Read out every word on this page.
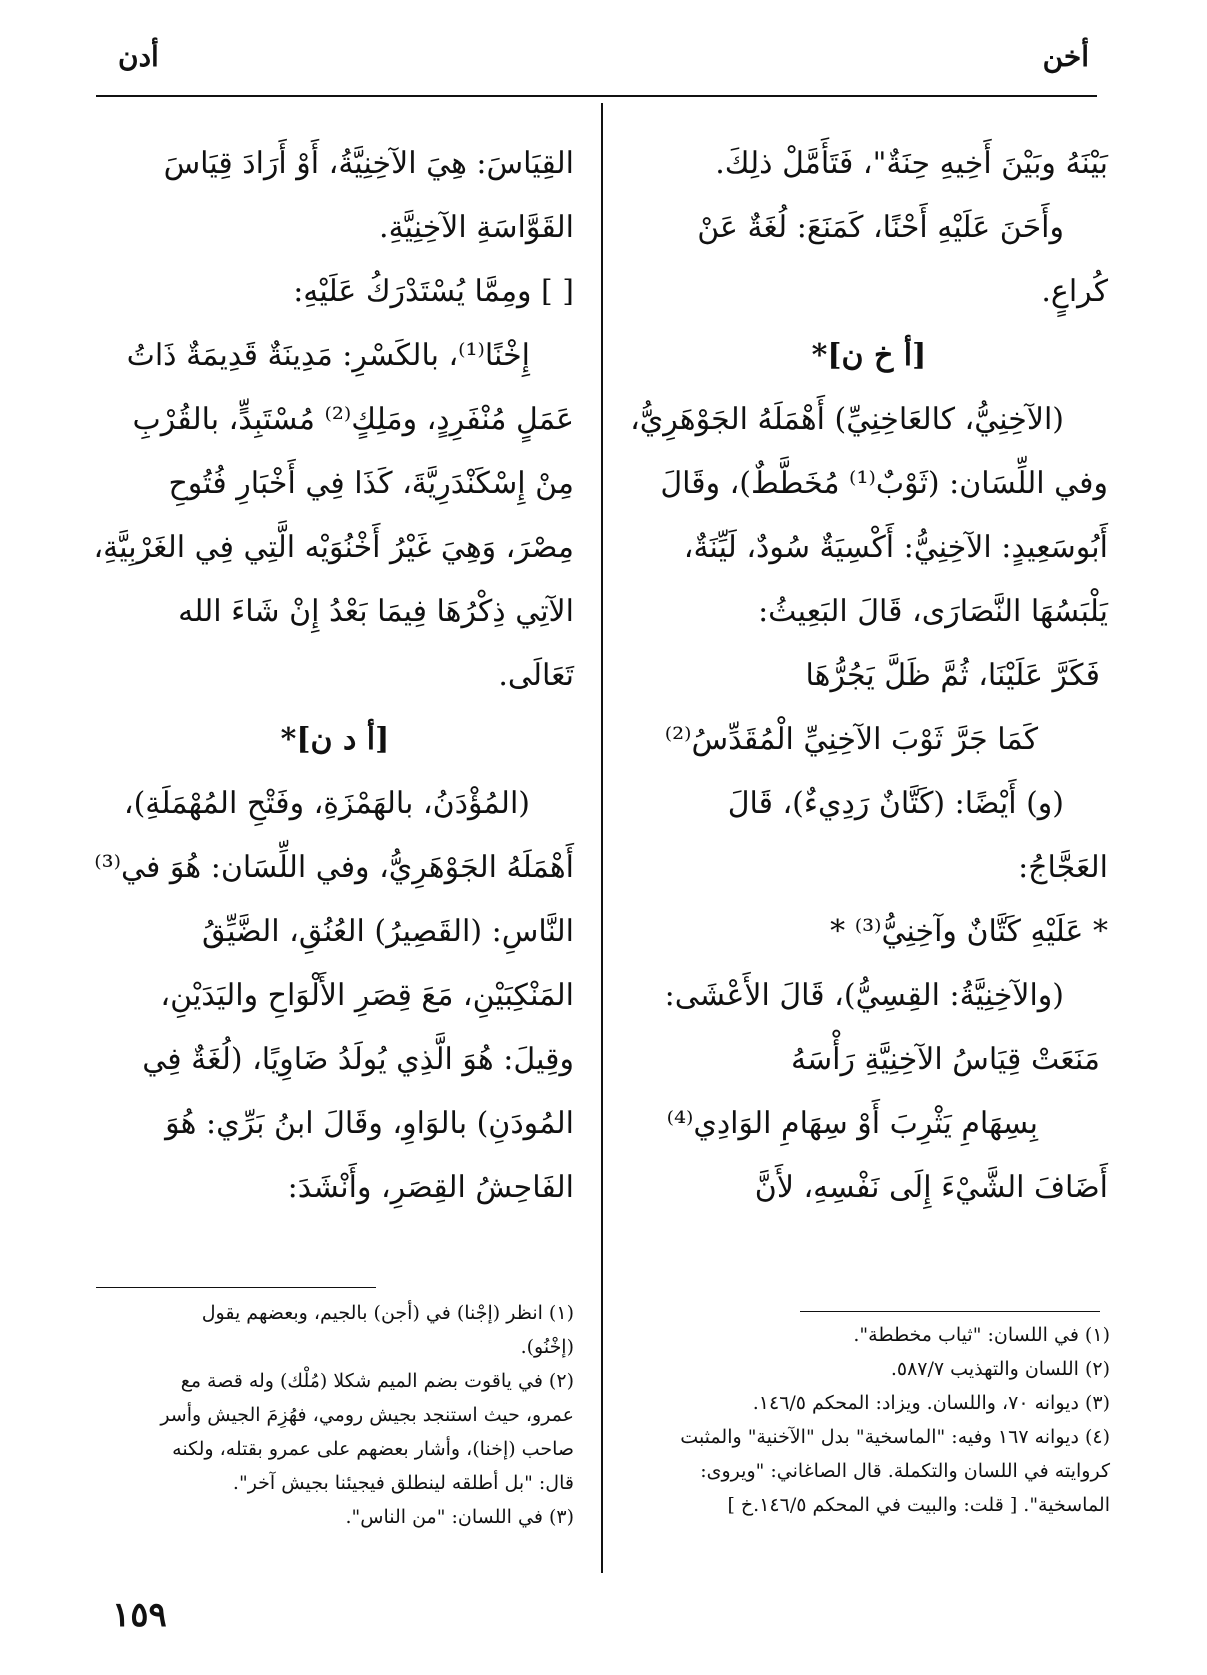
أخن
أدن
بَيْنَهُ وبَيْنَ أَخِيهِ حِنَةٌ"، فَتَأَمَّلْ ذلِكَ.
وأَحَنَ عَلَيْهِ أَحْنًا، كَمَنَعَ: لُغَةٌ عَنْ
كُراعٍ.
[أ خ ن]*
(الآخِنِيُّ، كالعَاخِنِيِّ) أَهْمَلَهُ الجَوْهَرِيُّ،
وفي اللِّسَان: (ثَوْبٌ⁽¹⁾ مُخَطَّطٌ)، وقَالَ
أَبُوسَعِيدٍ: الآخِنِيُّ: أَكْسِيَةٌ سُودٌ، لَيِّنَةٌ،
يَلْبَسُهَا النَّصَارَى، قَالَ البَعِيثُ:
فَكَرَّ عَلَيْنَا، ثُمَّ ظَلَّ يَجُرُّهَا
كَمَا جَرَّ ثَوْبَ الآخِنِيِّ الْمُقَدِّسُ⁽²⁾
(و) أَيْضًا: (كَتَّانٌ رَدِيءٌ)، قَالَ
العَجَّاجُ:
* عَلَيْهِ كَتَّانٌ وآخِنِيُّ⁽³⁾ *
(والآخِنِيَّةُ: القِسِيُّ)، قَالَ الأَعْشَى:
مَنَعَتْ قِيَاسُ الآخِنِيَّةِ رَأْسَهُ
بِسِهَامِ يَثْرِبَ أَوْ سِهَامِ الوَادِي⁽⁴⁾
أَضَافَ الشَّيْءَ إِلَى نَفْسِهِ، لأَنَّ
القِيَاسَ: هِيَ الآخِنِيَّةُ، أَوْ أَرَادَ قِيَاسَ
القَوَّاسَةِ الآخِنِيَّةِ.
[ ] ومِمَّا يُسْتَدْرَكُ عَلَيْهِ:
إِخْنًا⁽¹⁾، بالكَسْرِ: مَدِينَةٌ قَدِيمَةٌ ذَاتُ
عَمَلٍ مُنْفَرِدٍ، ومَلِكٍ⁽²⁾ مُسْتَبِدٍّ، بالقُرْبِ
مِنْ إِسْكَنْدَرِيَّةَ، كَذَا فِي أَخْبَارِ فُتُوحِ
مِصْرَ، وَهِيَ غَيْرُ أَخْنُوَيْه الَّتِي فِي الغَرْبِيَّةِ،
الآتِي ذِكْرُهَا فِيمَا بَعْدُ إِنْ شَاءَ الله
تَعَالَى.
[أ د ن]*
(المُؤْدَنُ، بالهَمْزَةِ، وفَتْحِ المُهْمَلَةِ)،
أَهْمَلَهُ الجَوْهَرِيُّ، وفي اللِّسَان: هُوَ في⁽³⁾
النَّاسِ: (القَصِيرُ) العُنُقِ، الضَّيِّقُ
المَنْكِبَيْنِ، مَعَ قِصَرِ الأَلْوَاحِ واليَدَيْنِ،
وقِيلَ: هُوَ الَّذِي يُولَدُ ضَاوِيًا، (لُغَةٌ فِي
المُودَنِ) بالوَاوِ، وقَالَ ابنُ بَرِّي: هُوَ
الفَاحِشُ القِصَرِ، وأَنْشَدَ:
(١) في اللسان: "ثياب مخططة".
(٢) اللسان والتهذيب ٥٨٧/٧.
(٣) ديوانه ٧٠، واللسان. ويزاد: المحكم ١٤٦/٥.
(٤) ديوانه ١٦٧ وفيه: "الماسخية" بدل "الآخنية" والمثبت
كروايته في اللسان والتكملة. قال الصاغاني: "ويروى:
الماسخية". [ قلت: والبيت في المحكم ١٤٦/٥.خ ]
(١) انظر (إجْنا) في (أجن) بالجيم، وبعضهم يقول
(إخْنُو).
(٢) في ياقوت بضم الميم شكلا (مُلْك) وله قصة مع
عمرو، حيث استنجد بجيش رومي، فهُزِمَ الجيش وأسر
صاحب (إخنا)، وأشار بعضهم على عمرو بقتله، ولكنه
قال: "بل أطلقه لينطلق فيجيئنا بجيش آخر".
(٣) في اللسان: "من الناس".
١٥٩
